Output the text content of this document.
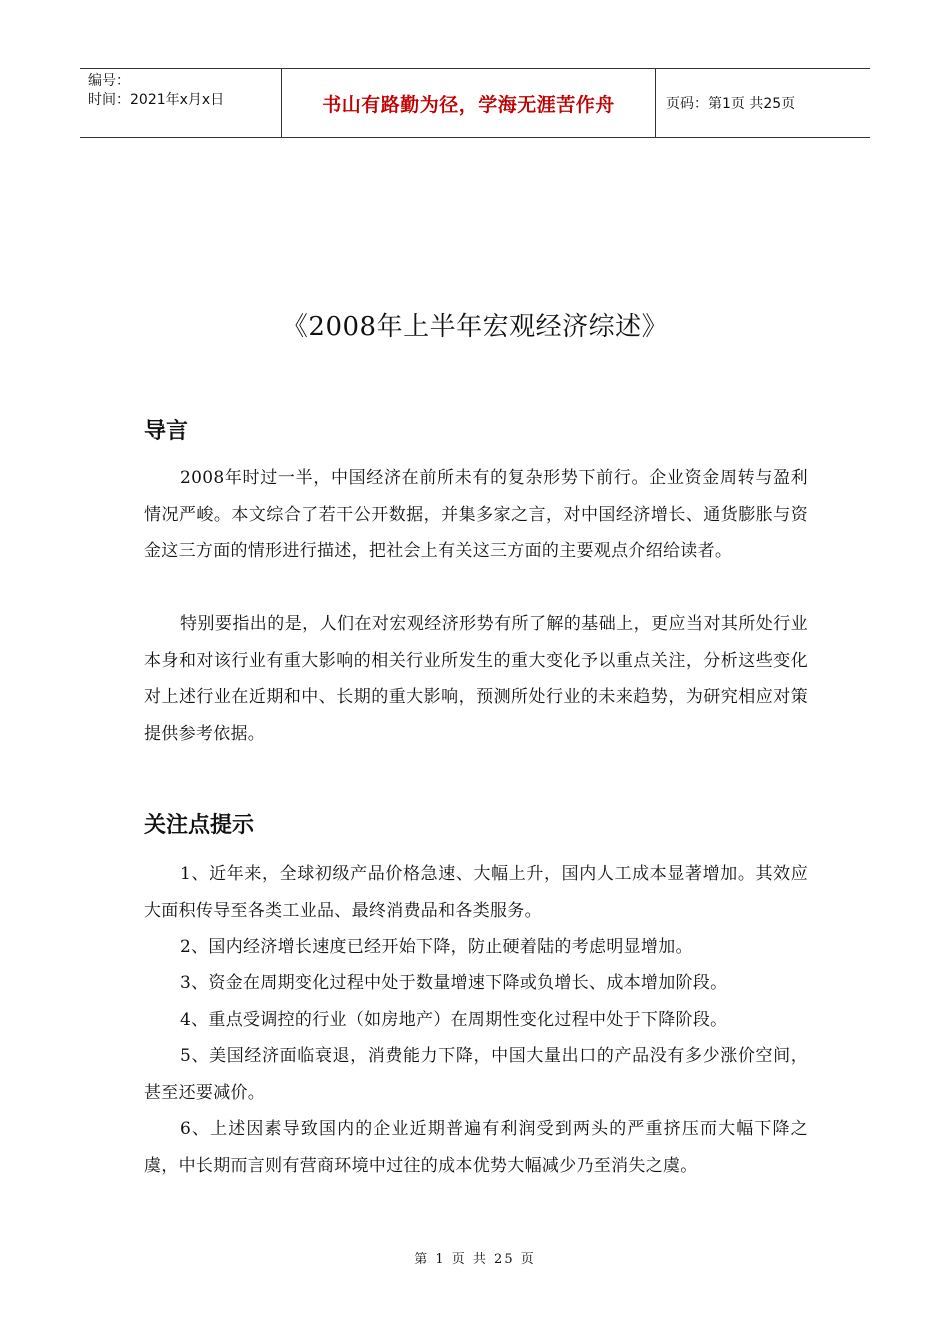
编号：
时间：2021年x月x日	书山有路勤为径，学海无涯苦作舟	页码：第1页 共25页
《2008年上半年宏观经济综述》
导言

2008年时过一半，中国经济在前所未有的复杂形势下前行。企业资金周转与盈利情况严峻。本文综合了若干公开数据，并集多家之言，对中国经济增长、通货膨胀与资金这三方面的情形进行描述，把社会上有关这三方面的主要观点介绍给读者。

特别要指出的是，人们在对宏观经济形势有所了解的基础上，更应当对其所处行业本身和对该行业有重大影响的相关行业所发生的重大变化予以重点关注，分析这些变化对上述行业在近期和中、长期的重大影响，预测所处行业的未来趋势，为研究相应对策提供参考依据。

关注点提示

1、近年来，全球初级产品价格急速、大幅上升，国内人工成本显著增加。其效应大面积传导至各类工业品、最终消费品和各类服务。

2、国内经济增长速度已经开始下降，防止硬着陆的考虑明显增加。

3、资金在周期变化过程中处于数量增速下降或负增长、成本增加阶段。

4、重点受调控的行业（如房地产）在周期性变化过程中处于下降阶段。

5、美国经济面临衰退，消费能力下降，中国大量出口的产品没有多少涨价空间，甚至还要减价。

6、上述因素导致国内的企业近期普遍有利润受到两头的严重挤压而大幅下降之虞，中长期而言则有营商环境中过往的成本优势大幅减少乃至消失之虞。

第 1 页 共 25 页
